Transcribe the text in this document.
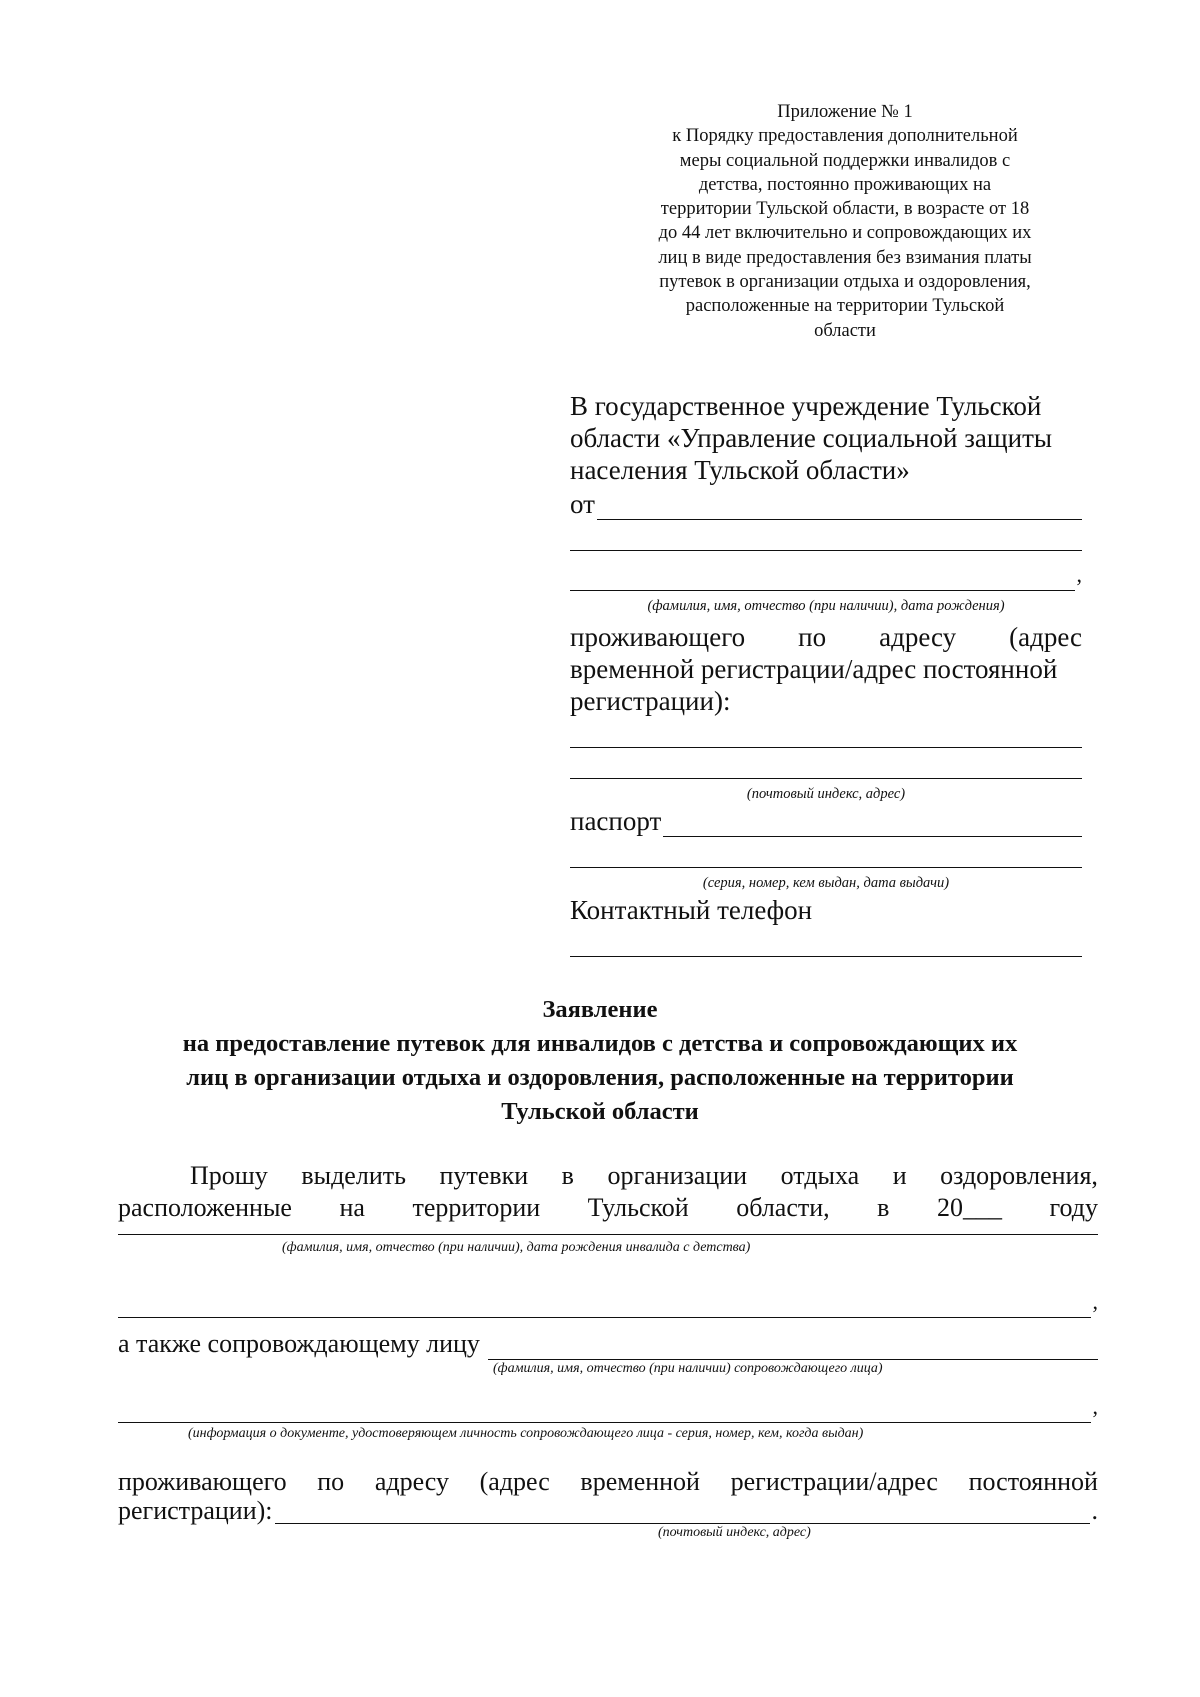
Приложение № 1
к Порядку предоставления дополнительной
меры социальной поддержки инвалидов с
детства, постоянно проживающих на
территории Тульской области, в возрасте от 18
до 44 лет включительно и сопровождающих их
лиц в виде предоставления без взимания платы
путевок в организации отдыха и оздоровления,
расположенные на территории Тульской
области
В государственное учреждение Тульской
области «Управление социальной защиты
населения Тульской области»
от
,
(фамилия, имя, отчество (при наличии), дата рождения)
проживающего по адресу (адрес
временной регистрации/адрес постоянной
регистрации):
(почтовый индекс, адрес)
паспорт
(серия, номер, кем выдан, дата выдачи)
Контактный телефон
Заявление
на предоставление путевок для инвалидов с детства и сопровождающих их
лиц в организации отдыха и оздоровления, расположенные на территории
Тульской области
Прошу выделить путевки в организации отдыха и оздоровления,
расположенные на территории Тульской области, в 20___ году
(фамилия, имя, отчество (при наличии), дата рождения инвалида с детства)
,
а также сопровождающему лицу
(фамилия, имя, отчество (при наличии) сопровождающего лица)
,
(информация о документе, удостоверяющем личность сопровождающего лица - серия, номер, кем, когда выдан)
проживающего по адресу (адрес временной регистрации/адрес постоянной
регистрации):	.
(почтовый индекс, адрес)
